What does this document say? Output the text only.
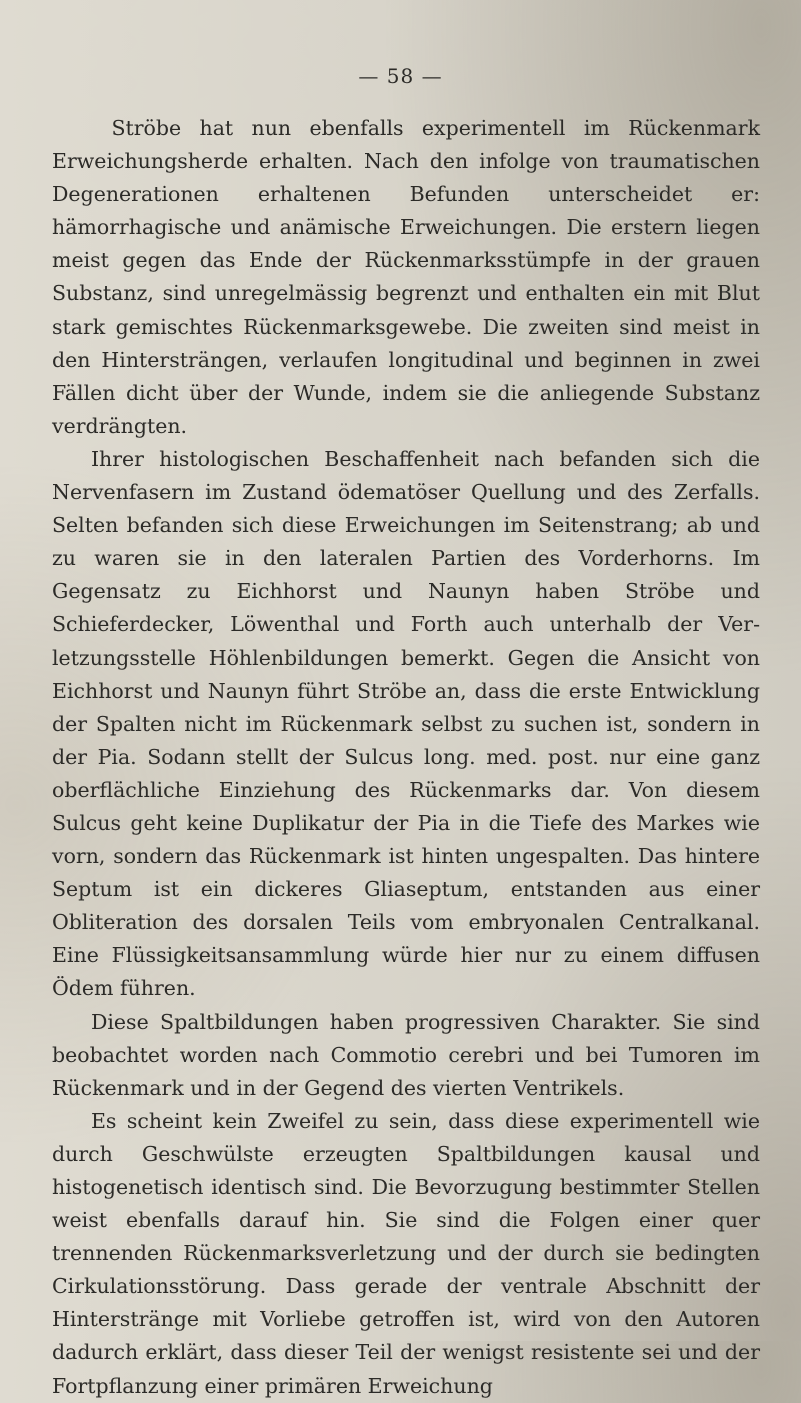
— 58 —

Ströbe hat nun ebenfalls experimentell im Rückenmark Erweichungsherde erhalten. Nach den infolge von traumatischen Degenerationen erhaltenen Befunden unterscheidet er: hämorrhagische und anämische Erweichungen. Die erstern liegen meist gegen das Ende der Rückenmarksstümpfe in der grauen Substanz, sind unregelmässig begrenzt und enthalten ein mit Blut stark gemischtes Rückenmarksgewebe. Die zweiten sind meist in den Hintersträngen, verlaufen longitudinal und beginnen in zwei Fällen dicht über der Wunde, indem sie die anliegende Substanz verdrängten.

Ihrer histologischen Beschaffenheit nach befanden sich die Nervenfasern im Zustand ödematöser Quellung und des Zerfalls. Selten befanden sich diese Erweichungen im Seitenstrang; ab und zu waren sie in den lateralen Partien des Vorderhorns. Im Gegensatz zu Eichhorst und Naunyn haben Ströbe und Schieferdecker, Löwenthal und Forth auch unterhalb der Verletzungsstelle Höhlenbildungen bemerkt. Gegen die Ansicht von Eichhorst und Naunyn führt Ströbe an, dass die erste Entwicklung der Spalten nicht im Rückenmark selbst zu suchen ist, sondern in der Pia. Sodann stellt der Sulcus long. med. post. nur eine ganz oberflächliche Einziehung des Rückenmarks dar. Von diesem Sulcus geht keine Duplikatur der Pia in die Tiefe des Markes wie vorn, sondern das Rückenmark ist hinten ungespalten. Das hintere Septum ist ein dickeres Gliaseptum, entstanden aus einer Obliteration des dorsalen Teils vom embryonalen Centralkanal. Eine Flüssigkeitsansammlung würde hier nur zu einem diffusen Ödem führen.

Diese Spaltbildungen haben progressiven Charakter. Sie sind beobachtet worden nach Commotio cerebri und bei Tumoren im Rückenmark und in der Gegend des vierten Ventrikels.

Es scheint kein Zweifel zu sein, dass diese experimentell wie durch Geschwülste erzeugten Spaltbildungen kausal und histogenetisch identisch sind. Die Bevorzugung bestimmter Stellen weist ebenfalls darauf hin. Sie sind die Folgen einer quer trennenden Rückenmarksverletzung und der durch sie bedingten Cirkulationsstörung. Dass gerade der ventrale Abschnitt der Hinterstränge mit Vorliebe getroffen ist, wird von den Autoren dadurch erklärt, dass dieser Teil der wenigst resistente sei und der Fortpflanzung einer primären Erweichung
